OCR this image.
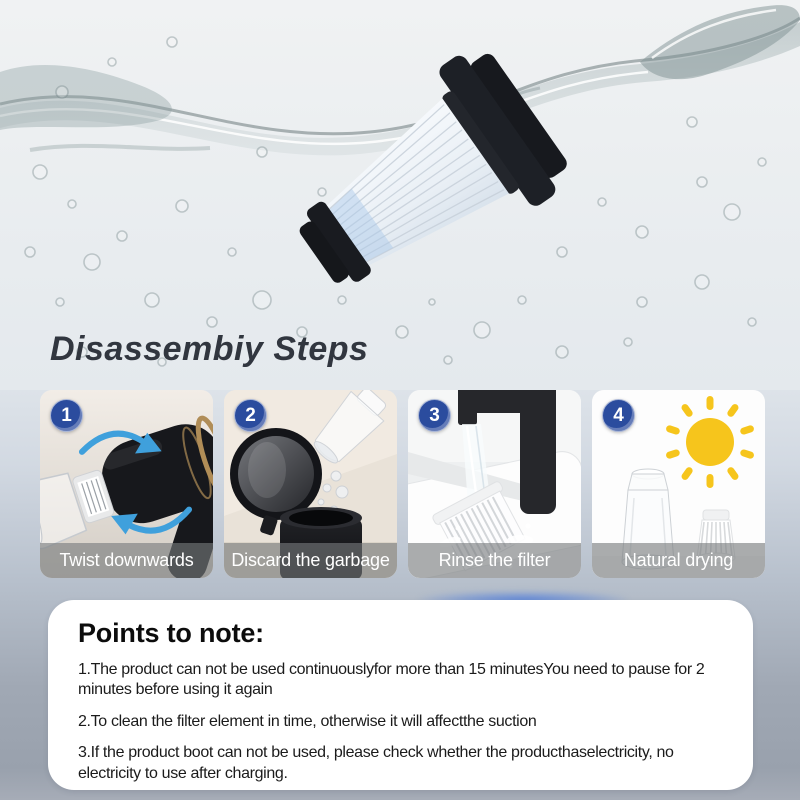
Disassembiy Steps
1
Twist downwards
2
Discard the garbage
3
Rinse the filter
4
Natural drying
Points to note:

1.The product can not be used continuouslyfor more than 15 minutesYou need to pause for 2 minutes before using it again

2.To clean the filter element in time, otherwise it will affectthe suction

3.If the product boot can not be used, please check whether the producthaselectricity, no electricity to use after charging.
